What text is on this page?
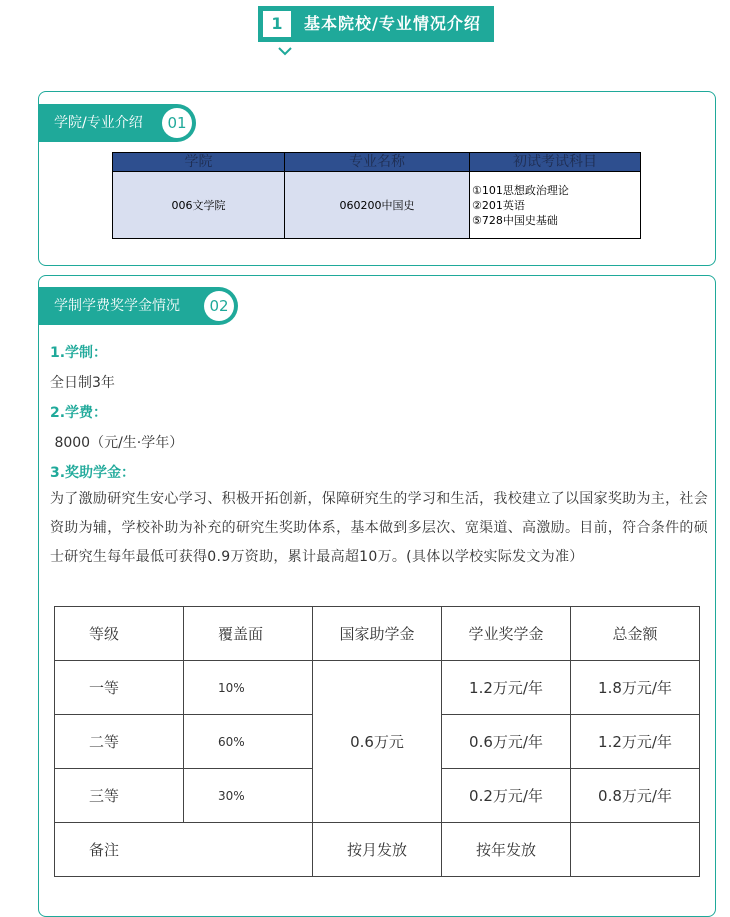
1	基本院校/专业情况介绍
学院/专业介绍	01
学院	专业名称	初试考试科目
006文学院	060200中国史	①101思想政治理论
②201英语
⑤728中国史基础
学制学费奖学金情况	02
1.学制：
全日制3年
2.学费：
8000（元/生·学年）
3.奖助学金：
为了激励研究生安心学习、积极开拓创新，保障研究生的学习和生活，我校建立了以国家奖助为主，社会资助为辅，学校补助为补充的研究生奖助体系，基本做到多层次、宽渠道、高激励。目前，符合条件的硕士研究生每年最低可获得0.9万资助，累计最高超10万。(具体以学校实际发文为准）
等级	覆盖面	国家助学金	学业奖学金	总金额
一等	10%	0.6万元	1.2万元/年	1.8万元/年
二等	60%		0.6万元/年	1.2万元/年
三等	30%		0.2万元/年	0.8万元/年
备注		按月发放	按年发放	
